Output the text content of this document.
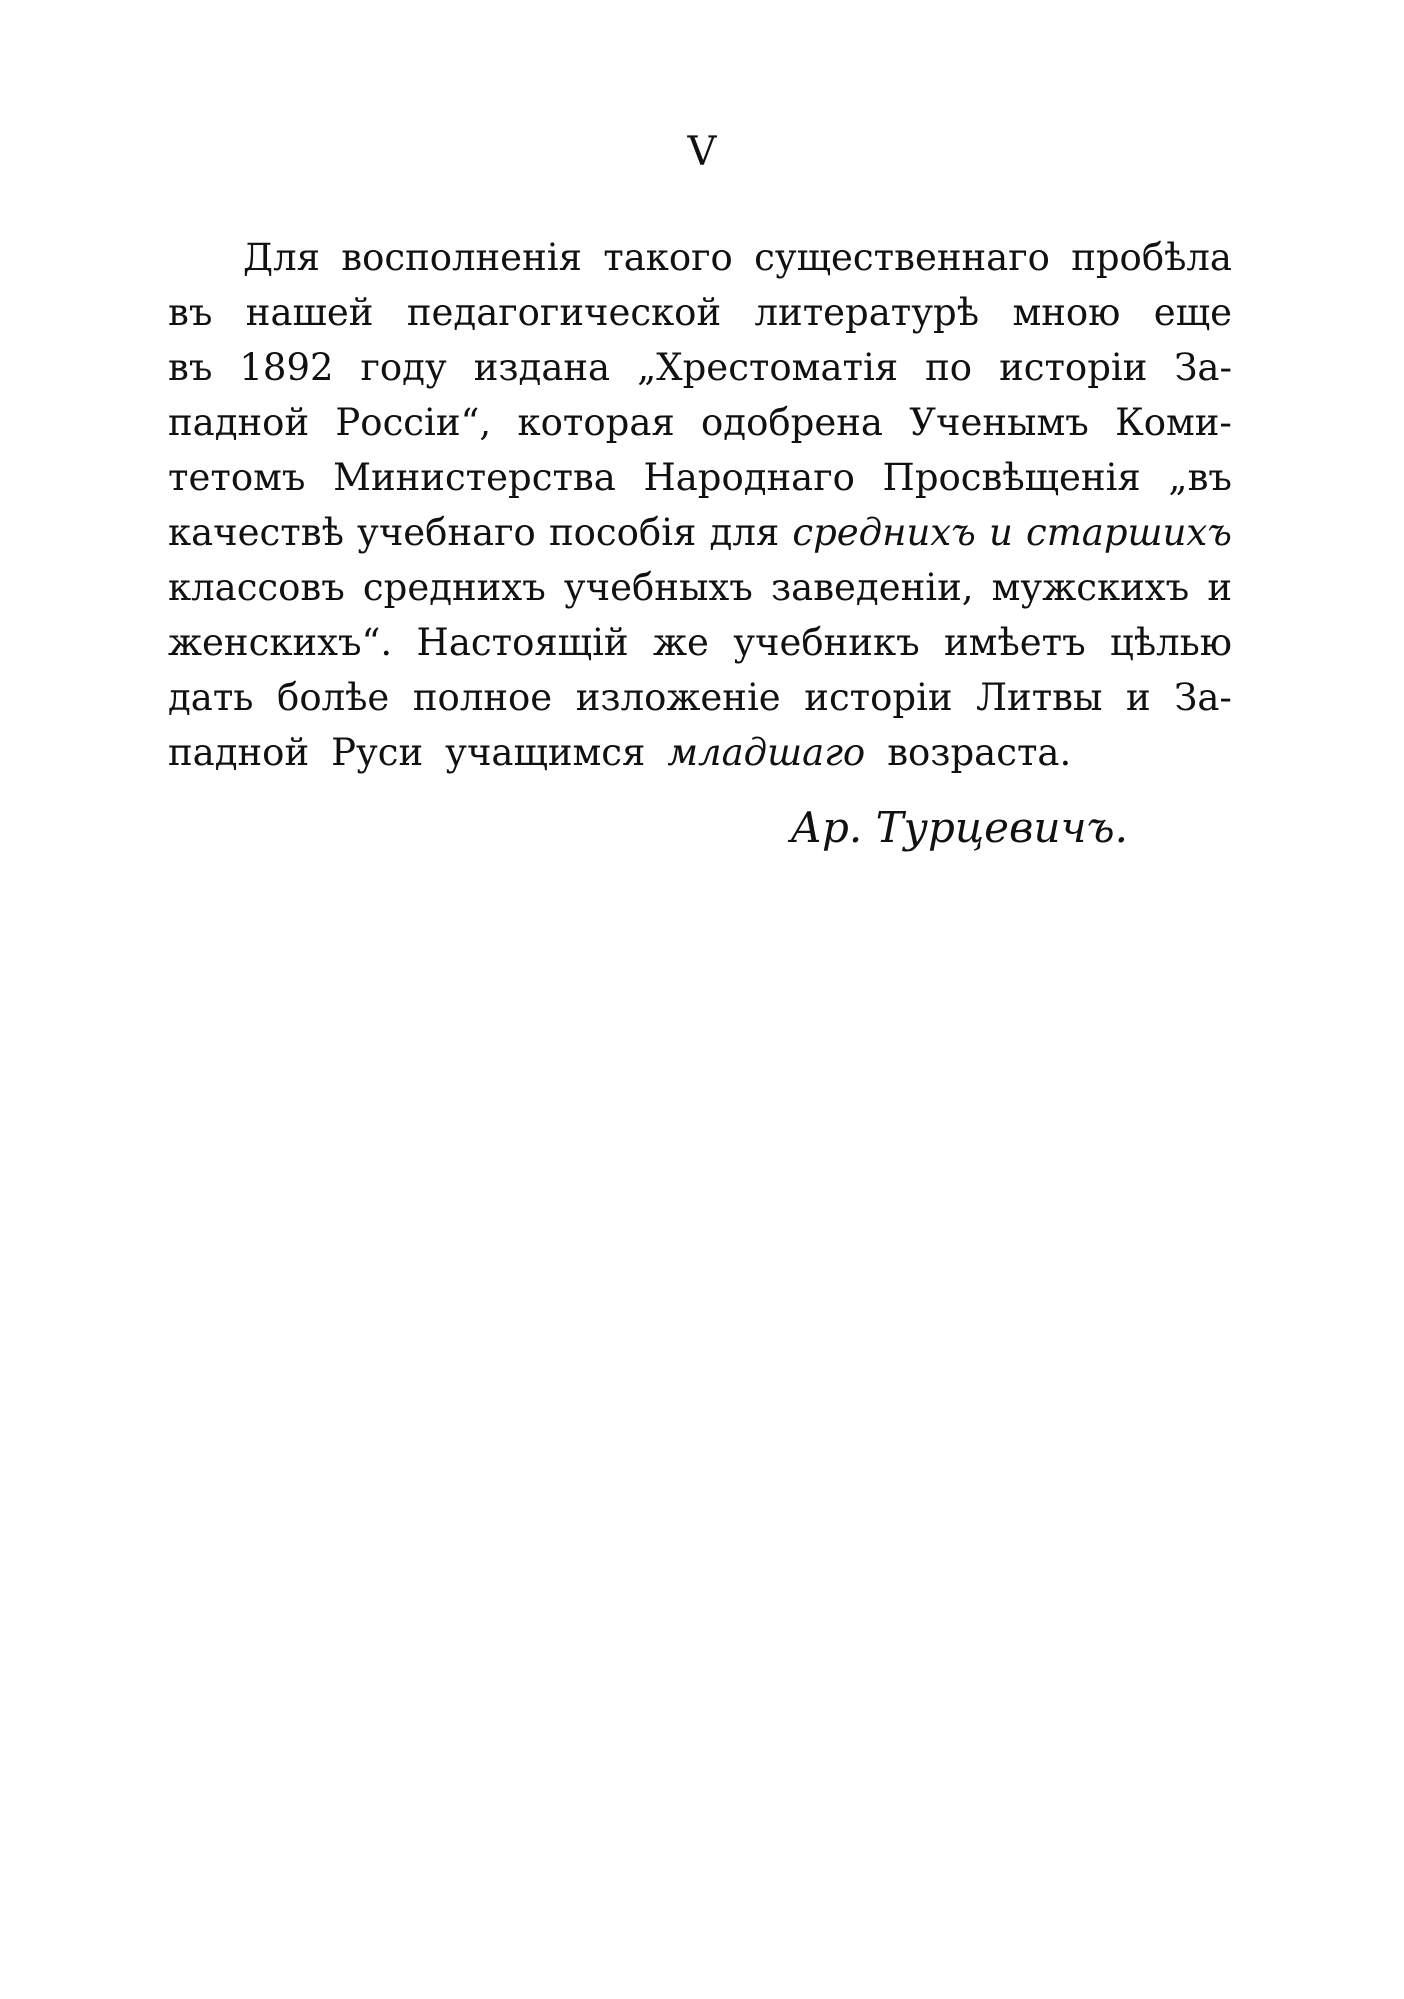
V
Для восполненія такого существеннаго пробѣла
въ нашей педагогической литературѣ мною еще
въ 1892 году издана „Хрестоматія по исторіи За-
падной Россіи“, которая одобрена Ученымъ Коми-
тетомъ Министерства Народнаго Просвѣщенія „въ
качествѣ учебнаго пособія для среднихъ и старшихъ
классовъ среднихъ учебныхъ заведеніи, мужскихъ и
женскихъ“. Настоящій же учебникъ имѣетъ цѣлью
дать болѣе полное изложеніе исторіи Литвы и За-
падной Руси учащимся младшаго возраста.
Ар. Турцевичъ.
